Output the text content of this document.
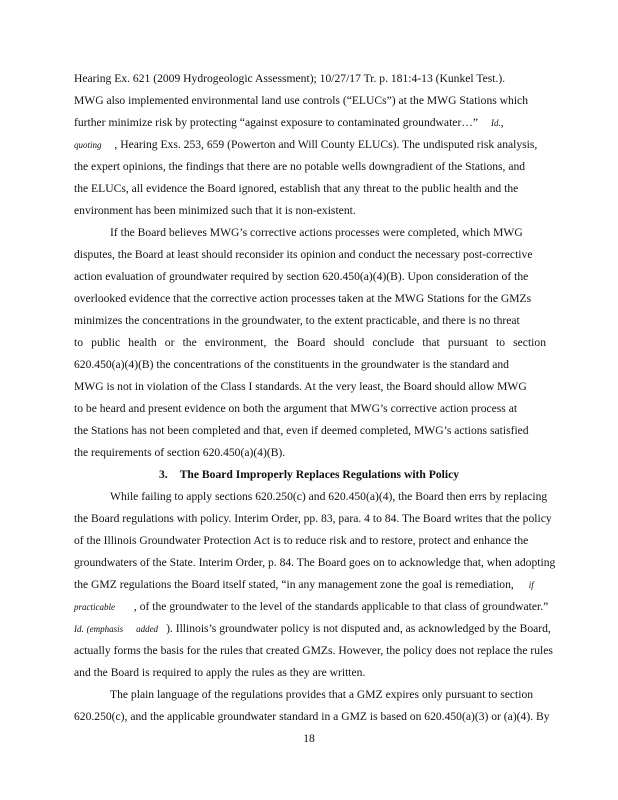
Hearing Ex. 621 (2009 Hydrogeologic Assessment); 10/27/17 Tr. p. 181:4-13 (Kunkel Test.).
MWG also implemented environmental land use controls (“ELUCs”) at the MWG Stations which
further minimize risk by protecting “against exposure to contaminated groundwater…” Id.,
quoting , Hearing Exs. 253, 659 (Powerton and Will County ELUCs). The undisputed risk analysis,
the expert opinions, the findings that there are no potable wells downgradient of the Stations, and
the ELUCs, all evidence the Board ignored, establish that any threat to the public health and the
environment has been minimized such that it is non-existent.
If the Board believes MWG’s corrective actions processes were completed, which MWG
disputes, the Board at least should reconsider its opinion and conduct the necessary post-corrective
action evaluation of groundwater required by section 620.450(a)(4)(B). Upon consideration of the
overlooked evidence that the corrective action processes taken at the MWG Stations for the GMZs
minimizes the concentrations in the groundwater, to the extent practicable, and there is no threat
to public health or the environment, the Board should conclude that pursuant to section
620.450(a)(4)(B) the concentrations of the constituents in the groundwater is the standard and
MWG is not in violation of the Class I standards. At the very least, the Board should allow MWG
to be heard and present evidence on both the argument that MWG’s corrective action process at
the Stations has not been completed and that, even if deemed completed, MWG’s actions satisfied
the requirements of section 620.450(a)(4)(B).
3. The Board Improperly Replaces Regulations with Policy
While failing to apply sections 620.250(c) and 620.450(a)(4), the Board then errs by replacing
the Board regulations with policy. Interim Order, pp. 83, para. 4 to 84. The Board writes that the policy
of the Illinois Groundwater Protection Act is to reduce risk and to restore, protect and enhance the
groundwaters of the State. Interim Order, p. 84. The Board goes on to acknowledge that, when adopting
the GMZ regulations the Board itself stated, “in any management zone the goal is remediation, if
practicable , of the groundwater to the level of the standards applicable to that class of groundwater.”
Id. (emphasis added ). Illinois’s groundwater policy is not disputed and, as acknowledged by the Board,
actually forms the basis for the rules that created GMZs. However, the policy does not replace the rules
and the Board is required to apply the rules as they are written.
The plain language of the regulations provides that a GMZ expires only pursuant to section
620.250(c), and the applicable groundwater standard in a GMZ is based on 620.450(a)(3) or (a)(4). By
18
